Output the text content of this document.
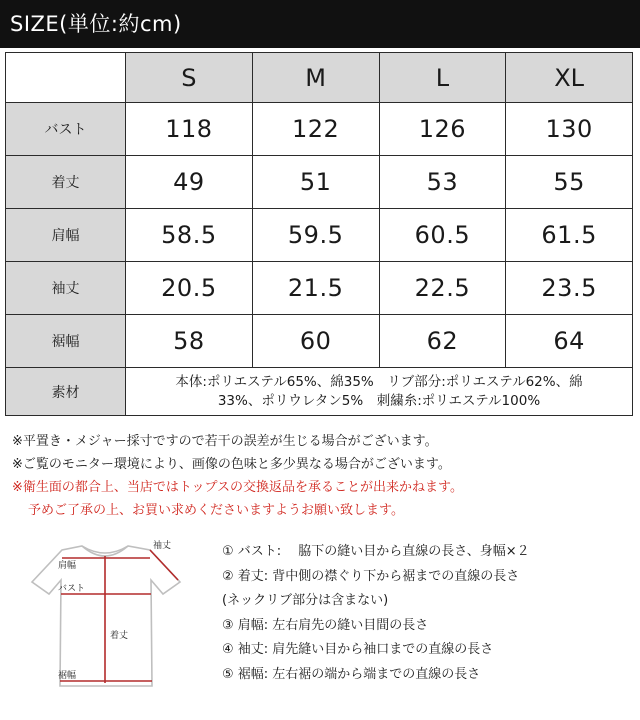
SIZE(単位:約cm)
	S	M	L	XL
バスト	118	122	126	130
着丈	49	51	53	55
肩幅	58.5	59.5	60.5	61.5
袖丈	20.5	21.5	22.5	23.5
裾幅	58	60	62	64
素材	本体:ポリエステル65%、綿35%　リブ部分:ポリエステル62%、綿
33%、ポリウレタン5%　刺繍糸:ポリエステル100%			
※平置き・メジャー採寸ですので若干の誤差が生じる場合がございます。
※ご覧のモニター環境により、画像の色味と多少異なる場合がございます。
※衛生面の都合上、当店ではトップスの交換返品を承ることが出来かねます。
予めご了承の上、お買い求めくださいますようお願い致します。
袖丈
肩幅
バスト
着丈
裾幅
① バスト:　 脇下の縫い目から直線の長さ、身幅×２
② 着丈: 背中側の襟ぐり下から裾までの直線の長さ
(ネックリブ部分は含まない)
③ 肩幅: 左右肩先の縫い目間の長さ
④ 袖丈: 肩先縫い目から袖口までの直線の長さ
⑤ 裾幅: 左右裾の端から端までの直線の長さ
